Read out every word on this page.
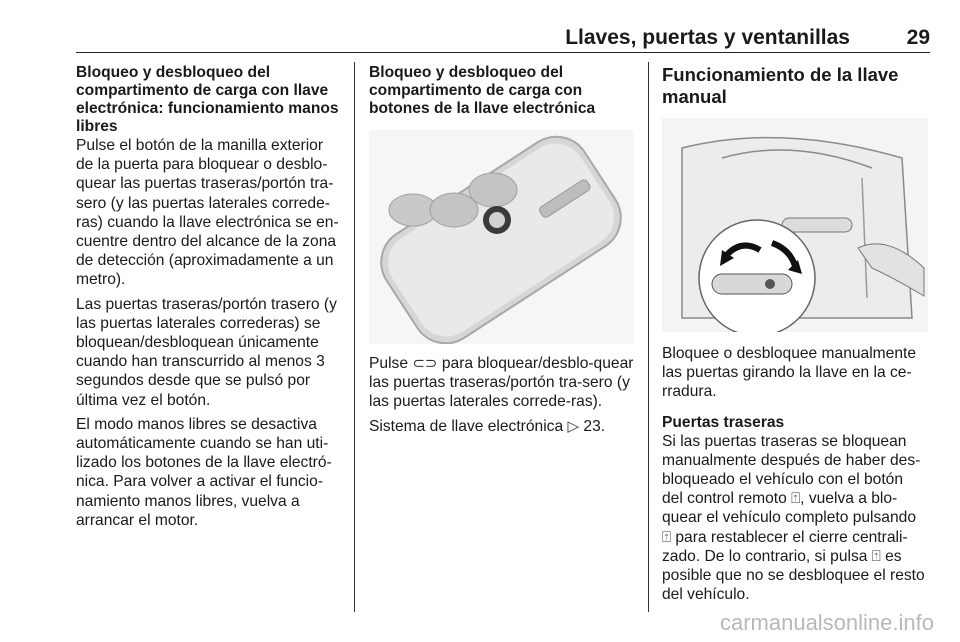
Llaves, puertas y ventanillas	29
Bloqueo y desbloqueo del compartimento de carga con llave electrónica: funcionamiento manos libres

Pulse el botón de la manilla exterior de la puerta para bloquear o desblo-quear las puertas traseras/portón tra-sero (y las puertas laterales correde-ras) cuando la llave electrónica se en-cuentre dentro del alcance de la zona de detección (aproximadamente a un metro).

Las puertas traseras/portón trasero (y las puertas laterales correderas) se bloquean/desbloquean únicamente cuando han transcurrido al menos 3 segundos desde que se pulsó por última vez el botón.

El modo manos libres se desactiva automáticamente cuando se han uti-lizado los botones de la llave electró-nica. Para volver a activar el funcio-namiento manos libres, vuelva a arrancar el motor.

Bloqueo y desbloqueo del compartimento de carga con botones de la llave electrónica

Pulse ⊂⊃ para bloquear/desblo-quear las puertas traseras/portón tra-sero (y las puertas laterales correde-ras).

Sistema de llave electrónica ▷ 23.

Funcionamiento de la llave manual

Bloquee o desbloquee manualmente las puertas girando la llave en la ce-rradura.

Puertas traseras

Si las puertas traseras se bloquean manualmente después de haber des-bloqueado el vehículo con el botón del control remoto ⍐, vuelva a blo-quear el vehículo completo pulsando ⍐ para restablecer el cierre centrali-zado. De lo contrario, si pulsa ⍐ es posible que no se desbloquee el resto del vehículo.

carmanualsonline.info
